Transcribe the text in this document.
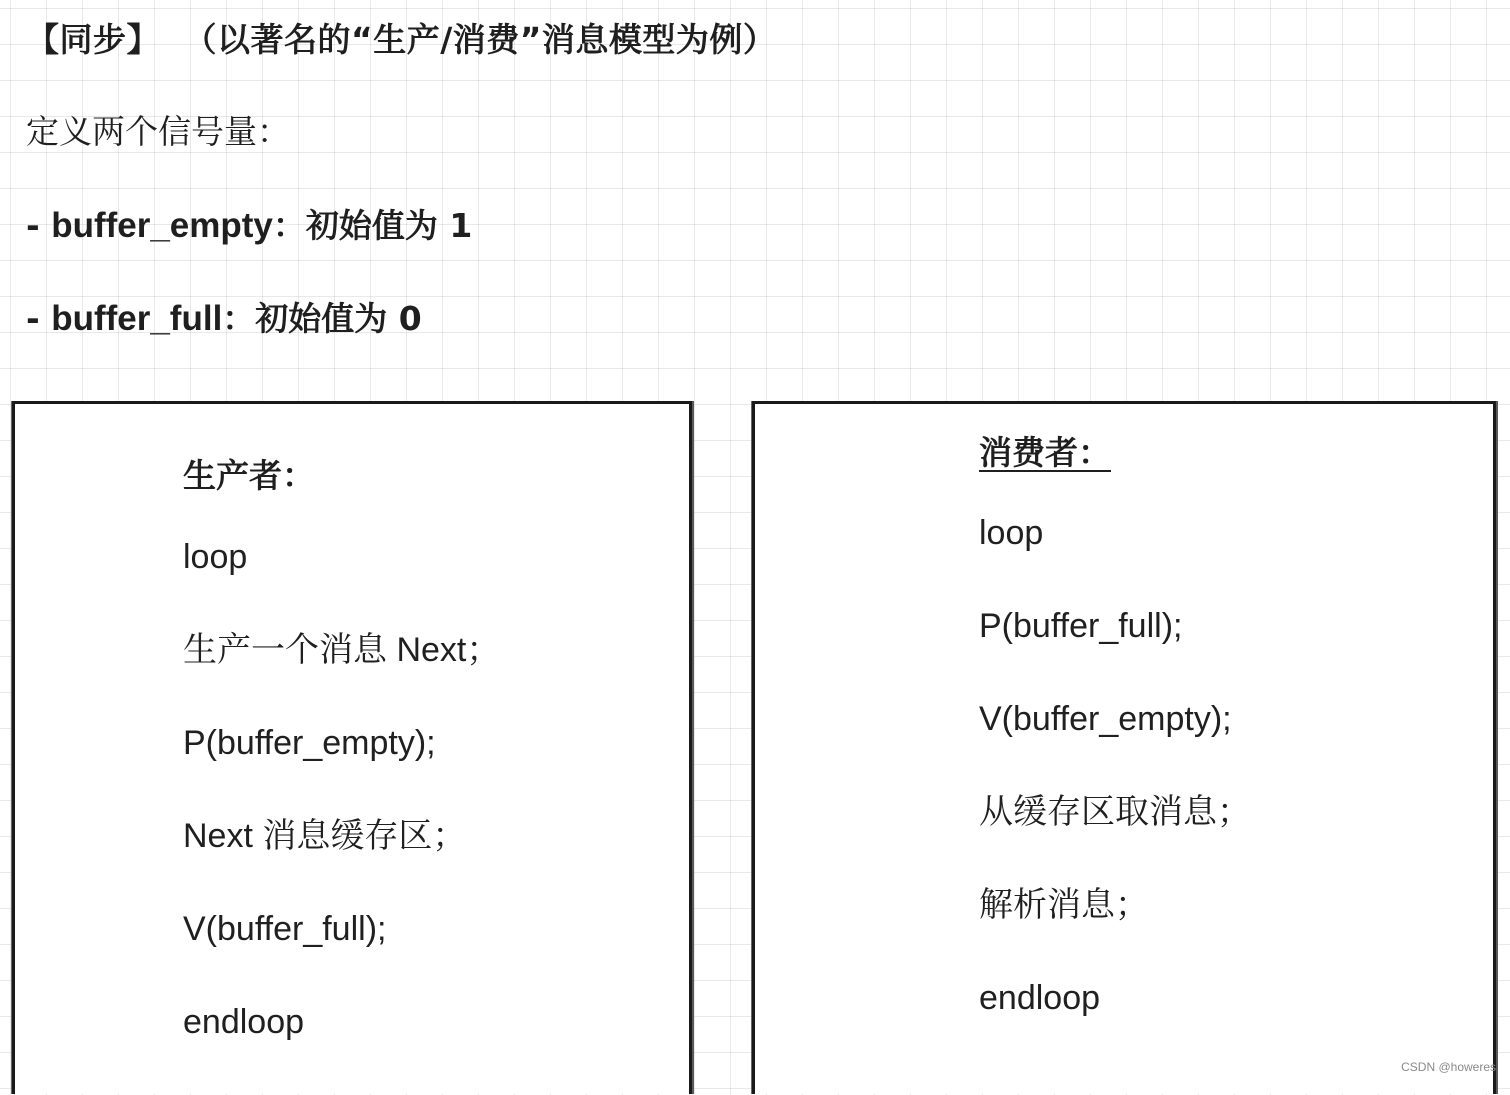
【同步】 （以著名的“生产/消费”消息模型为例）
定义两个信号量：
- buffer_empty：初始值为 1
- buffer_full：初始值为 0
生产者：
loop
生产一个消息 Next；
P(buffer_empty);
Next 消息缓存区；
V(buffer_full);
endloop
消费者：
loop
P(buffer_full);
V(buffer_empty);
从缓存区取消息；
解析消息；
endloop
CSDN @howeres
